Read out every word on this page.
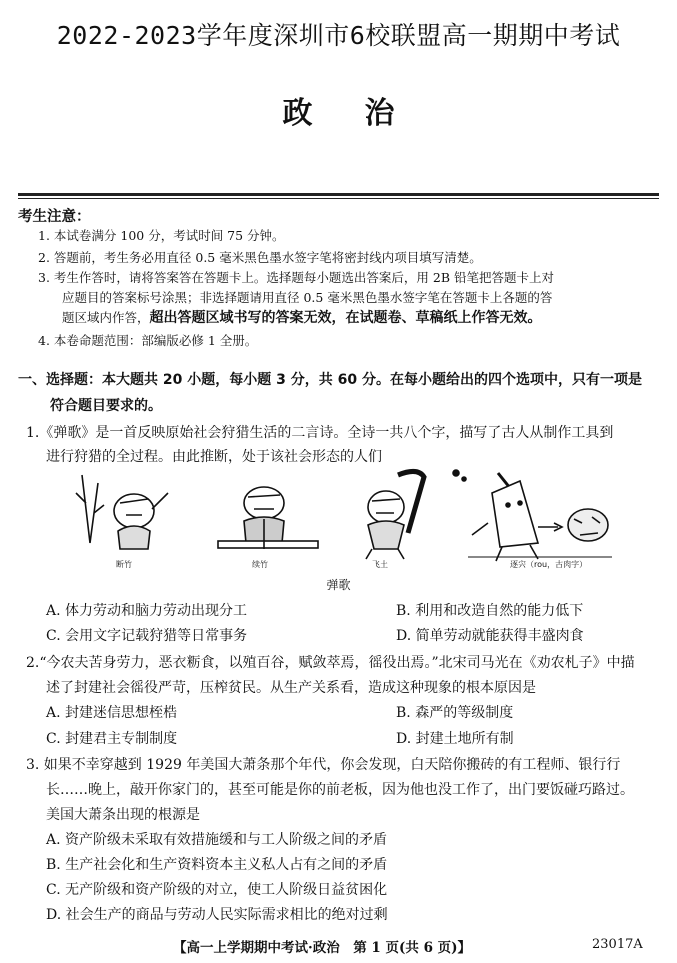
2022-2023学年度深圳市6校联盟高一期期中考试
政治
考生注意：
1. 本试卷满分 100 分，考试时间 75 分钟。
2. 答题前，考生务必用直径 0.5 毫米黑色墨水签字笔将密封线内项目填写清楚。
3. 考生作答时，请将答案答在答题卡上。选择题每小题选出答案后，用 2B 铅笔把答题卡上对
应题目的答案标号涂黑；非选择题请用直径 0.5 毫米黑色墨水签字笔在答题卡上各题的答
题区域内作答，超出答题区域书写的答案无效，在试题卷、草稿纸上作答无效。
4. 本卷命题范围：部编版必修 1 全册。
一、选择题：本大题共 20 小题，每小题 3 分，共 60 分。在每小题给出的四个选项中，只有一项是
符合题目要求的。
1.《弹歌》是一首反映原始社会狩猎生活的二言诗。全诗一共八个字，描写了古人从制作工具到
进行狩猎的全过程。由此推断，处于该社会形态的人们
断竹	续竹	飞土	逐宍（rou，古肉字）
弹歌
A. 体力劳动和脑力劳动出现分工	B. 利用和改造自然的能力低下
C. 会用文字记载狩猎等日常事务	D. 简单劳动就能获得丰盛肉食
2.“今农夫苦身劳力，恶衣粝食，以殖百谷，赋敛萃焉，徭役出焉。”北宋司马光在《劝农札子》中描
述了封建社会徭役严苛，压榨贫民。从生产关系看，造成这种现象的根本原因是
A. 封建迷信思想桎梏	B. 森严的等级制度
C. 封建君主专制制度	D. 封建土地所有制
3. 如果不幸穿越到 1929 年美国大萧条那个年代，你会发现，白天陪你搬砖的有工程师、银行行
长……晚上，敲开你家门的，甚至可能是你的前老板，因为他也没工作了，出门要饭碰巧路过。
美国大萧条出现的根源是
A. 资产阶级未采取有效措施缓和与工人阶级之间的矛盾
B. 生产社会化和生产资料资本主义私人占有之间的矛盾
C. 无产阶级和资产阶级的对立，使工人阶级日益贫困化
D. 社会生产的商品与劳动人民实际需求相比的绝对过剩
【高一上学期期中考试·政治　第 1 页(共 6 页)】	23017A
